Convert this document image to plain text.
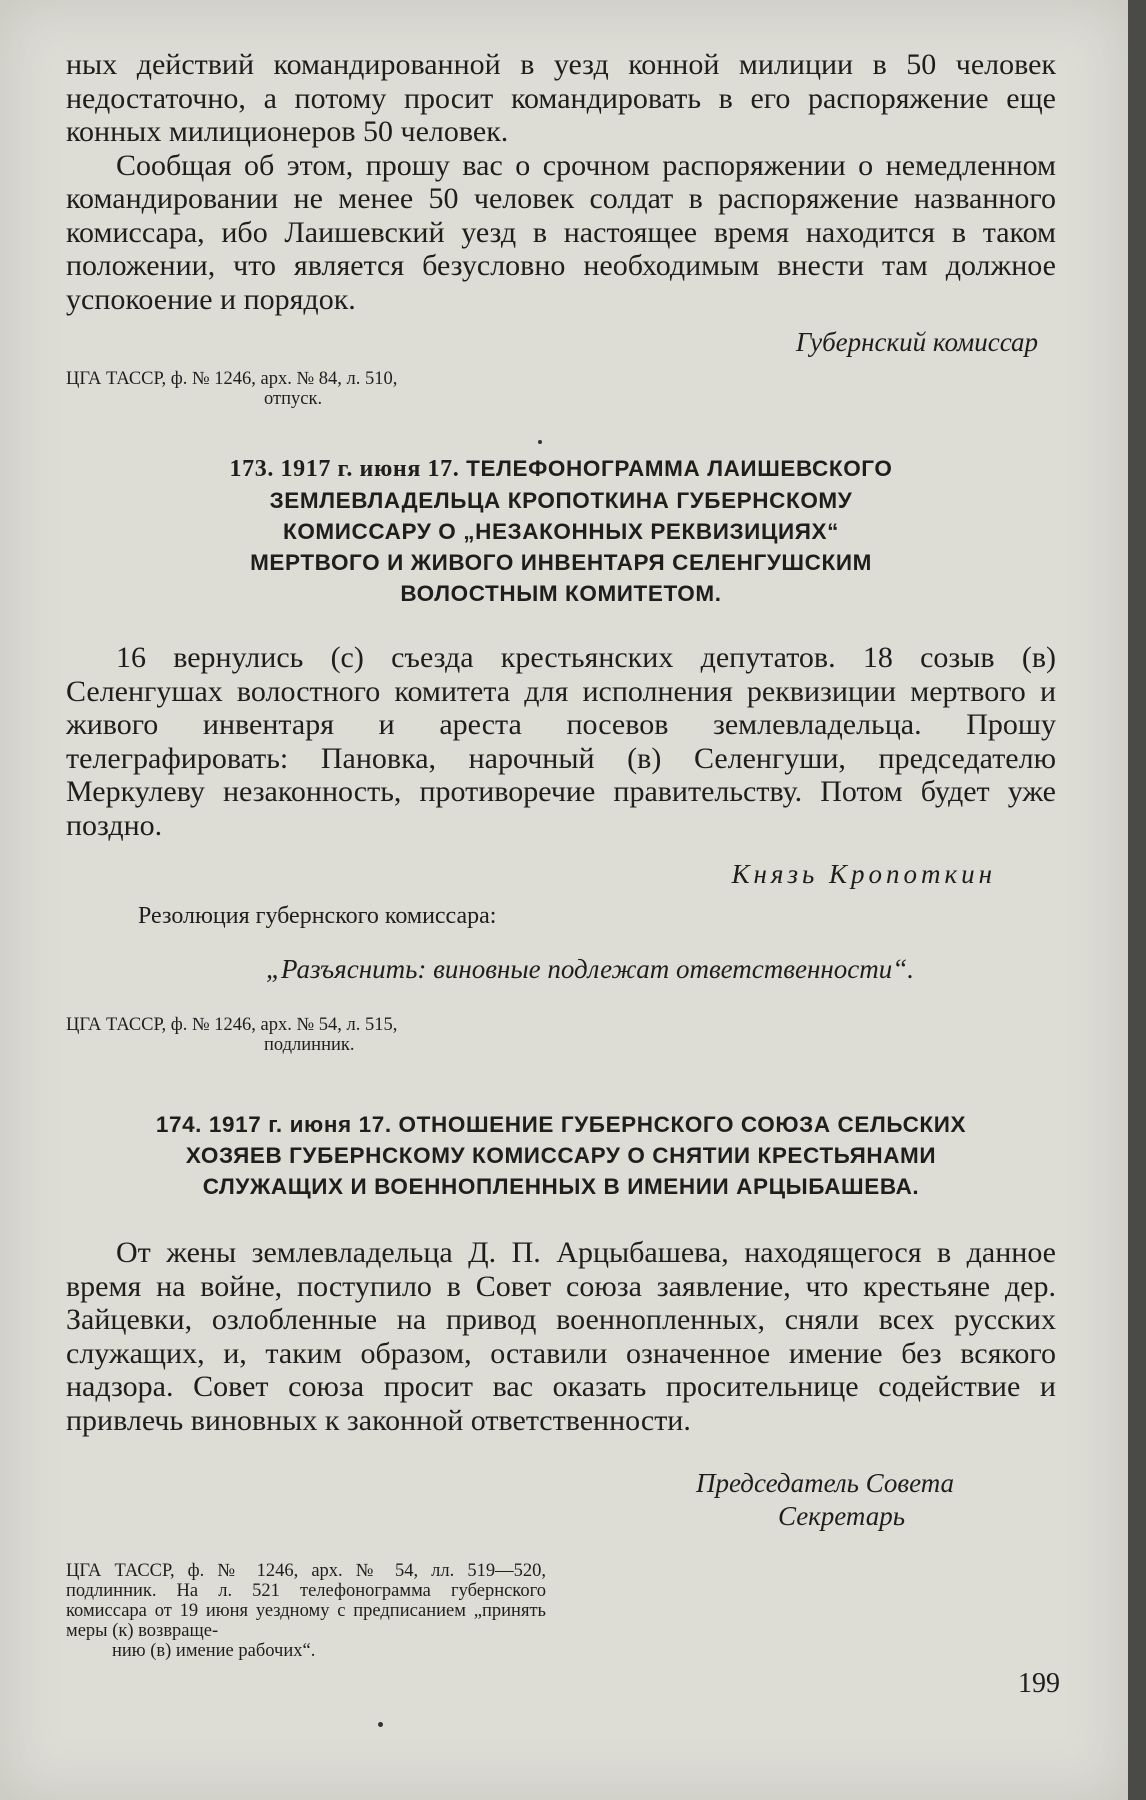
ных действий командированной в уезд конной милиции в 50 человек недостаточно, а потому просит командировать в его распоряжение еще конных милиционеров 50 человек.

Сообщая об этом, прошу вас о срочном распоряжении о немедленном командировании не менее 50 человек солдат в распоряжение названного комиссара, ибо Лаишевский уезд в настоящее время находится в таком положении, что является безусловно необходимым внести там должное успокоение и порядок.

Губернский комиссар

ЦГА ТАССР, ф. № 1246, арх. № 84, л. 510,
отпуск.

173. 1917 г. июня 17. ТЕЛЕФОНОГРАММА ЛАИШЕВСКОГО

ЗЕМЛЕВЛАДЕЛЬЦА КРОПОТКИНА ГУБЕРНСКОМУ

КОМИССАРУ О „НЕЗАКОННЫХ РЕКВИЗИЦИЯХ“

МЕРТВОГО И ЖИВОГО ИНВЕНТАРЯ СЕЛЕНГУШСКИМ

ВОЛОСТНЫМ КОМИТЕТОМ.

16 вернулись (с) съезда крестьянских депутатов. 18 созыв (в) Селенгушах волостного комитета для исполнения реквизиции мертвого и живого инвентаря и ареста посевов землевладельца. Прошу телеграфировать: Пановка, нарочный (в) Селенгуши, председателю Меркулеву незаконность, противоречие правительству. Потом будет уже поздно.

Князь Кропоткин

Резолюция губернского комиссара:

„Разъяснить: виновные подлежат ответственности“.

ЦГА ТАССР, ф. № 1246, арх. № 54, л. 515,
подлинник.

174. 1917 г. июня 17. ОТНОШЕНИЕ ГУБЕРНСКОГО СОЮЗА СЕЛЬСКИХ

ХОЗЯЕВ ГУБЕРНСКОМУ КОМИССАРУ О СНЯТИИ КРЕСТЬЯНАМИ

СЛУЖАЩИХ И ВОЕННОПЛЕННЫХ В ИМЕНИИ АРЦЫБАШЕВА.

От жены землевладельца Д. П. Арцыбашева, находящегося в данное время на войне, поступило в Совет союза заявление, что крестьяне дер. Зайцевки, озлобленные на привод военнопленных, сняли всех русских служащих, и, таким образом, оставили означенное имение без всякого надзора. Совет союза просит вас оказать просительнице содействие и привлечь виновных к законной ответственности.

Председатель Совета
Секретарь

ЦГА ТАССР, ф. № 1246, арх. № 54, лл. 519—520, подлинник. На л. 521 телефонограмма губернского комиссара от 19 июня уездному с предписанием „принять меры (к) возвраще-
нию (в) имение рабочих“.

199
